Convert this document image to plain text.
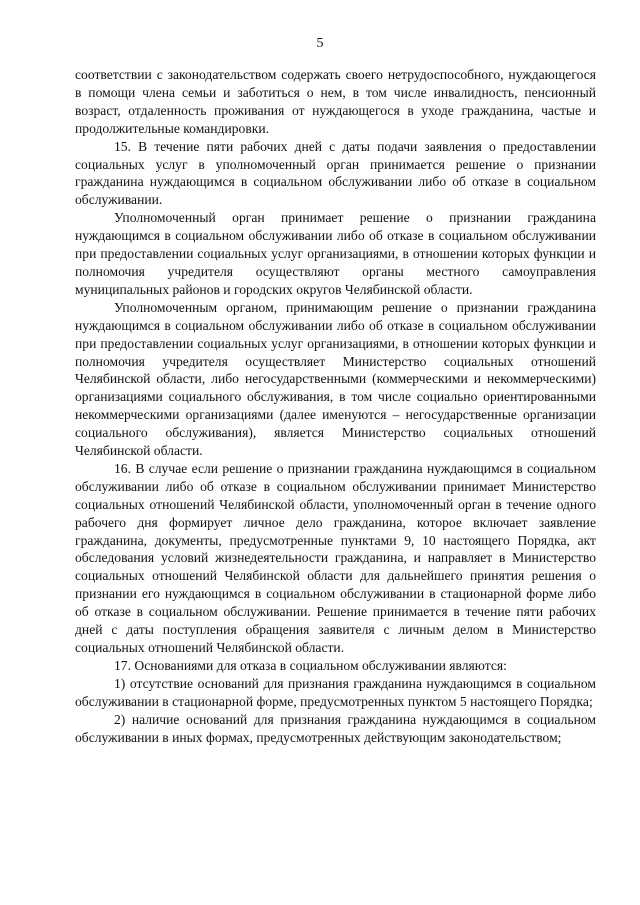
5

соответствии с законодательством содержать своего нетрудоспособного, нуждающегося в помощи члена семьи и заботиться о нем, в том числе инвалидность, пенсионный возраст, отдаленность проживания от нуждающегося в уходе гражданина, частые и продолжительные командировки.

15. В течение пяти рабочих дней с даты подачи заявления о предоставлении социальных услуг в уполномоченный орган принимается решение о признании гражданина нуждающимся в социальном обслуживании либо об отказе в социальном обслуживании.

Уполномоченный орган принимает решение о признании гражданина нуждающимся в социальном обслуживании либо об отказе в социальном обслуживании при предоставлении социальных услуг организациями, в отношении которых функции и полномочия учредителя осуществляют органы местного самоуправления муниципальных районов и городских округов Челябинской области.

Уполномоченным органом, принимающим решение о признании гражданина нуждающимся в социальном обслуживании либо об отказе в социальном обслуживании при предоставлении социальных услуг организациями, в отношении которых функции и полномочия учредителя осуществляет Министерство социальных отношений Челябинской области, либо негосударственными (коммерческими и некоммерческими) организациями социального обслуживания, в том числе социально ориентированными некоммерческими организациями (далее именуются – негосударственные организации социального обслуживания), является Министерство социальных отношений Челябинской области.

16. В случае если решение о признании гражданина нуждающимся в социальном обслуживании либо об отказе в социальном обслуживании принимает Министерство социальных отношений Челябинской области, уполномоченный орган в течение одного рабочего дня формирует личное дело гражданина, которое включает заявление гражданина, документы, предусмотренные пунктами 9, 10 настоящего Порядка, акт обследования условий жизнедеятельности гражданина, и направляет в Министерство социальных отношений Челябинской области для дальнейшего принятия решения о признании его нуждающимся в социальном обслуживании в стационарной форме либо об отказе в социальном обслуживании. Решение принимается в течение пяти рабочих дней с даты поступления обращения заявителя с личным делом в Министерство социальных отношений Челябинской области.

17. Основаниями для отказа в социальном обслуживании являются:

1) отсутствие оснований для признания гражданина нуждающимся в социальном обслуживании в стационарной форме, предусмотренных пунктом 5 настоящего Порядка;

2) наличие оснований для признания гражданина нуждающимся в социальном обслуживании в иных формах, предусмотренных действующим законодательством;
